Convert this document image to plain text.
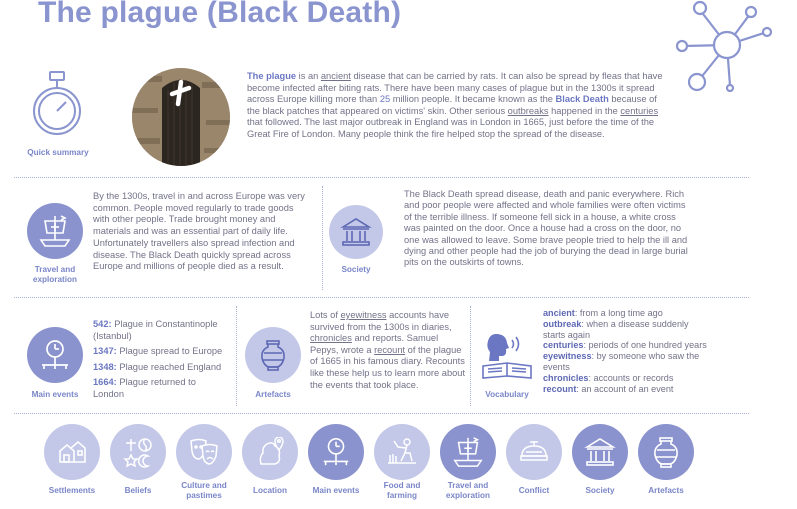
The plague (Black Death)
Quick summary
The plague is an ancient disease that can be carried by rats. It can also be spread by fleas that have become infected after biting rats. There have been many cases of plague but in the 1300s it spread across Europe killing more than 25 million people. It became known as the Black Death because of the black patches that appeared on victims' skin. Other serious outbreaks happened in the centuries that followed. The last major outbreak in England was in London in 1665, just before the time of the Great Fire of London. Many people think the fire helped stop the spread of the disease.
Travel and
exploration
By the 1300s, travel in and across Europe was very common. People moved regularly to trade goods with other people. Trade brought money and materials and was an essential part of daily life. Unfortunately travellers also spread infection and disease. The Black Death quickly spread across Europe and millions of people died as a result.	Society
The Black Death spread disease, death and panic everywhere. Rich and poor people were affected and whole families were often victims of the terrible illness. If someone fell sick in a house, a white cross was painted on the door. Once a house had a cross on the door, no one was allowed to leave. Some brave people tried to help the ill and dying and other people had the job of burying the dead in large burial pits on the outskirts of towns.
Main events
542: Plague in Constantinople
(Istanbul)
1347: Plague spread to Europe
1348: Plague reached England
1664: Plague returned to
London	Artefacts
Lots of eyewitness accounts have survived from the 1300s in diaries, chronicles and reports. Samuel Pepys, wrote a recount of the plague of 1665 in his famous diary. Recounts like these help us to learn more about the events that took place.
Vocabulary
ancient: from a long time ago
outbreak: when a disease suddenly starts again
centuries: periods of one hundred years
eyewitness: by someone who saw the events
chronicles: accounts or records
recount: an account of an event
Settlements	Beliefs
Culture and
pastimes
Location	Main events
Food and
farming
Travel and
exploration
Conflict	Society	Artefacts
